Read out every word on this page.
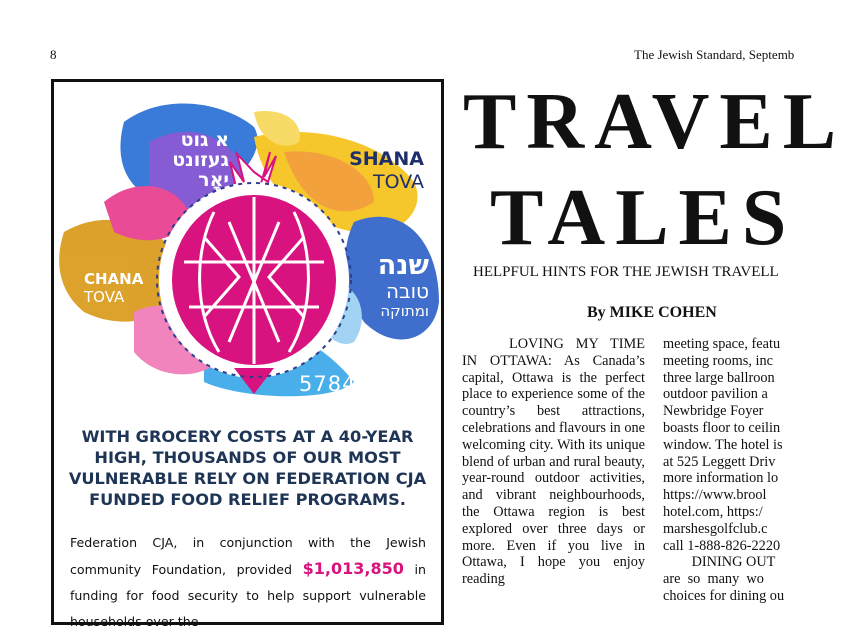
8	The Jewish Standard, Septemb
א גוט
געזונט
יאָר
SHANA
TOVA
CHANA
TOVA
שנה
טובה
ומתוקה
5784
WITH GROCERY COSTS AT A 40-YEAR HIGH, THOUSANDS OF OUR MOST VULNERABLE RELY ON FEDERATION CJA FUNDED FOOD RELIEF PROGRAMS.
Federation CJA, in conjunction with the Jewish community Foundation, provided $1,013,850 in funding for food security to help support vulnerable households over the
TRAVEL
TALES
HELPFUL HINTS FOR THE JEWISH TRAVELL
By MIKE COHEN

LOVING MY TIME IN OTTAWA: As Canada’s capital, Ottawa is the perfect place to experience some of the country’s best attractions, celebrations and flavours in one welcoming city. With its unique blend of urban and rural beauty, year-round outdoor activities, and vibrant neighbourhoods, the Ottawa region is best explored over three days or more. Even if you live in Ottawa, I hope you enjoy reading

meeting space, featu
meeting rooms, inc
three large ballroon
outdoor pavilion a
Newbridge Foyer
boasts floor to ceilin
window. The hotel is
at 525 Leggett Driv
more information lo
https://www.brool
hotel.com, https:/
marshesgolfclub.c
call 1-888-826-2220
DINING OUT
are  so  many  wo
choices for dining ou
